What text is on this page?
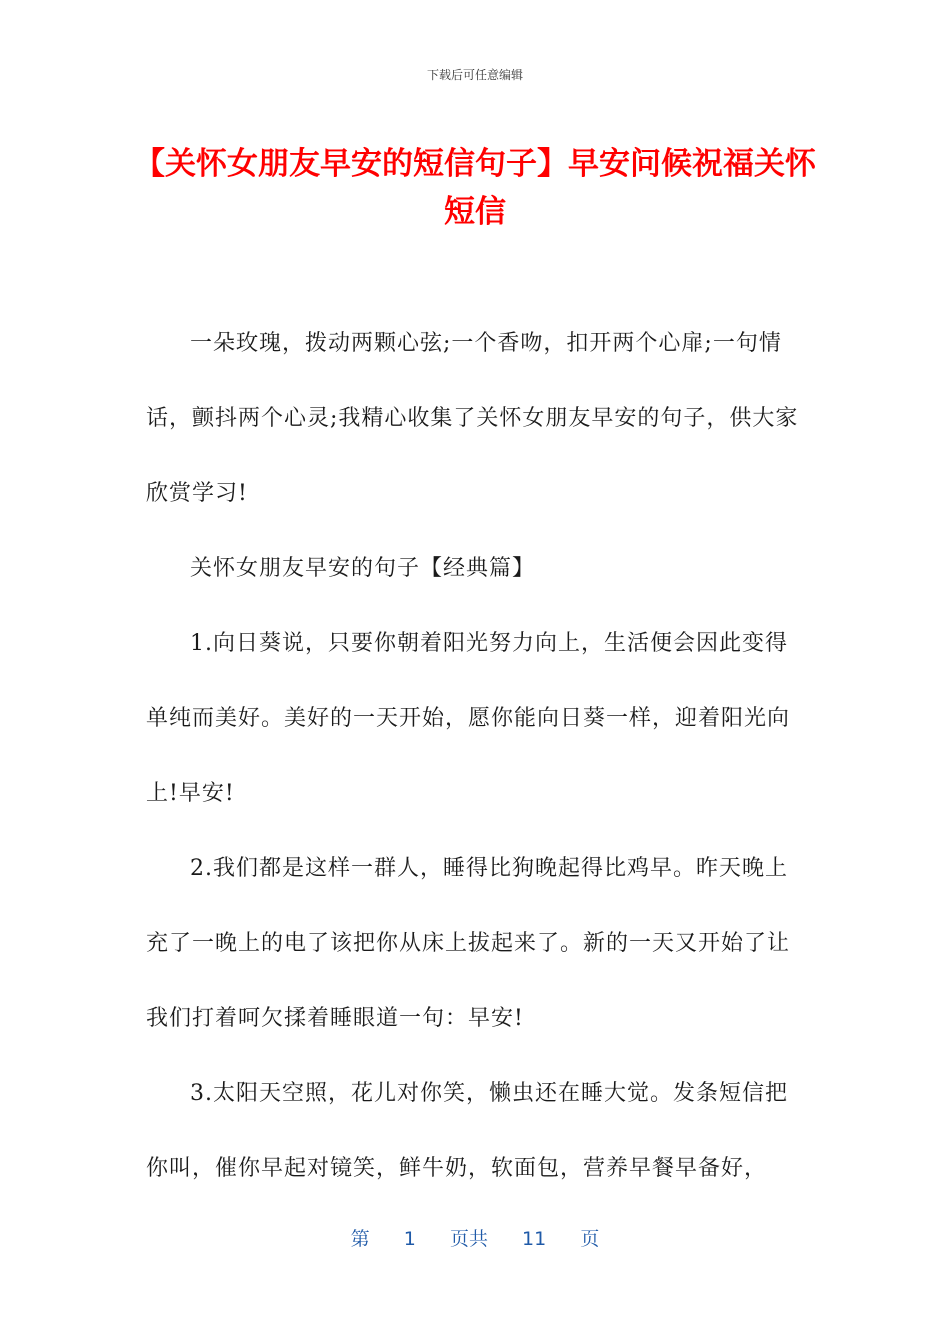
下载后可任意编辑
【关怀女朋友早安的短信句子】早安问候祝福关怀短信

一朵玫瑰，拨动两颗心弦;一个香吻，扣开两个心扉;一句情话，颤抖两个心灵;我精心收集了关怀女朋友早安的句子，供大家欣赏学习!

关怀女朋友早安的句子【经典篇】

1.向日葵说，只要你朝着阳光努力向上，生活便会因此变得单纯而美好。美好的一天开始，愿你能向日葵一样，迎着阳光向上!早安!

2.我们都是这样一群人，睡得比狗晚起得比鸡早。昨天晚上充了一晚上的电了该把你从床上拔起来了。新的一天又开始了让我们打着呵欠揉着睡眼道一句：早安!

3.太阳天空照，花儿对你笑，懒虫还在睡大觉。发条短信把你叫，催你早起对镜笑，鲜牛奶，软面包，营养早餐早备好，

第 1 页共 11 页
